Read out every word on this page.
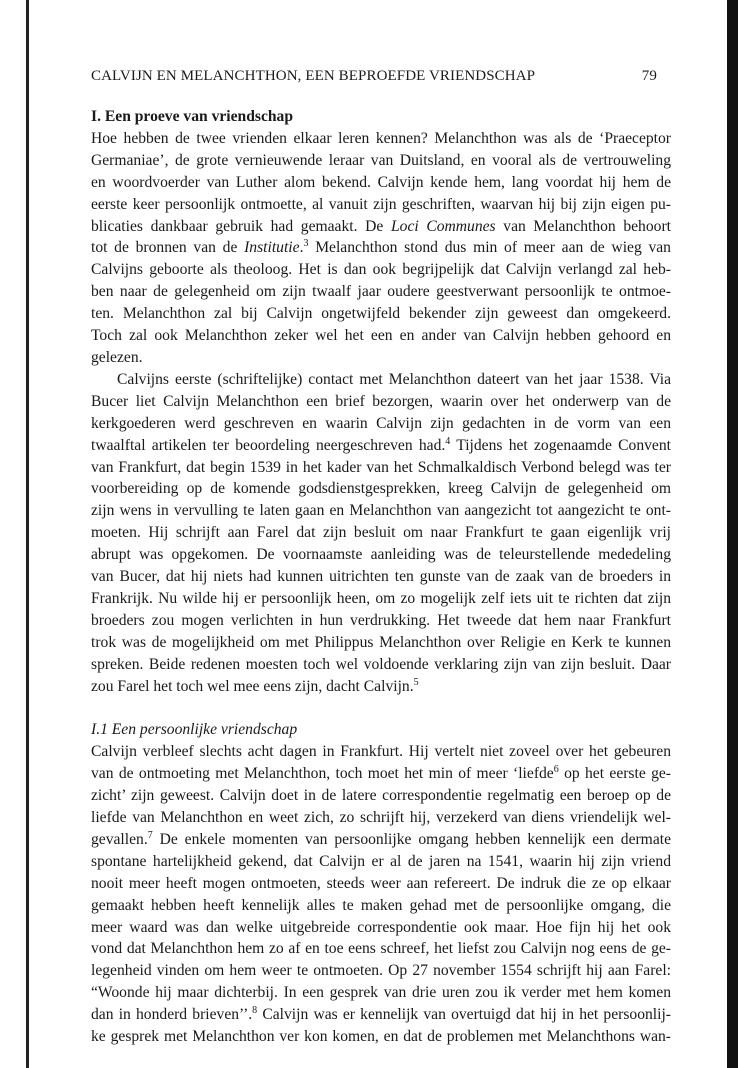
CALVIJN EN MELANCHTHON, EEN BEPROEFDE VRIENDSCHAP	79
I. Een proeve van vriendschap
Hoe hebben de twee vrienden elkaar leren kennen? Melanchthon was als de ‘Praeceptor
Germaniae’, de grote vernieuwende leraar van Duitsland, en vooral als de vertrouweling
en woordvoerder van Luther alom bekend. Calvijn kende hem, lang voordat hij hem de
eerste keer persoonlijk ontmoette, al vanuit zijn geschriften, waarvan hij bij zijn eigen pu-
blicaties dankbaar gebruik had gemaakt. De Loci Communes van Melanchthon behoort
tot de bronnen van de Institutie.$^3$ Melanchthon stond dus min of meer aan de wieg van
Calvijns geboorte als theoloog. Het is dan ook begrijpelijk dat Calvijn verlangd zal heb-
ben naar de gelegenheid om zijn twaalf jaar oudere geestverwant persoonlijk te ontmoe-
ten. Melanchthon zal bij Calvijn ongetwijfeld bekender zijn geweest dan omgekeerd.
Toch zal ook Melanchthon zeker wel het een en ander van Calvijn hebben gehoord en
gelezen.
Calvijns eerste (schriftelijke) contact met Melanchthon dateert van het jaar 1538. Via
Bucer liet Calvijn Melanchthon een brief bezorgen, waarin over het onderwerp van de
kerkgoederen werd geschreven en waarin Calvijn zijn gedachten in de vorm van een
twaalftal artikelen ter beoordeling neergeschreven had.$^4$ Tijdens het zogenaamde Convent
van Frankfurt, dat begin 1539 in het kader van het Schmalkaldisch Verbond belegd was ter
voorbereiding op de komende godsdienstgesprekken, kreeg Calvijn de gelegenheid om
zijn wens in vervulling te laten gaan en Melanchthon van aangezicht tot aangezicht te ont-
moeten. Hij schrijft aan Farel dat zijn besluit om naar Frankfurt te gaan eigenlijk vrij
abrupt was opgekomen. De voornaamste aanleiding was de teleurstellende mededeling
van Bucer, dat hij niets had kunnen uitrichten ten gunste van de zaak van de broeders in
Frankrijk. Nu wilde hij er persoonlijk heen, om zo mogelijk zelf iets uit te richten dat zijn
broeders zou mogen verlichten in hun verdrukking. Het tweede dat hem naar Frankfurt
trok was de mogelijkheid om met Philippus Melanchthon over Religie en Kerk te kunnen
spreken. Beide redenen moesten toch wel voldoende verklaring zijn van zijn besluit. Daar
zou Farel het toch wel mee eens zijn, dacht Calvijn.$^5$
I.1 Een persoonlijke vriendschap
Calvijn verbleef slechts acht dagen in Frankfurt. Hij vertelt niet zoveel over het gebeuren
van de ontmoeting met Melanchthon, toch moet het min of meer ‘liefde$^6$ op het eerste ge-
zicht’ zijn geweest. Calvijn doet in de latere correspondentie regelmatig een beroep op de
liefde van Melanchthon en weet zich, zo schrijft hij, verzekerd van diens vriendelijk wel-
gevallen.$^7$ De enkele momenten van persoonlijke omgang hebben kennelijk een dermate
spontane hartelijkheid gekend, dat Calvijn er al de jaren na 1541, waarin hij zijn vriend
nooit meer heeft mogen ontmoeten, steeds weer aan refereert. De indruk die ze op elkaar
gemaakt hebben heeft kennelijk alles te maken gehad met de persoonlijke omgang, die
meer waard was dan welke uitgebreide correspondentie ook maar. Hoe fijn hij het ook
vond dat Melanchthon hem zo af en toe eens schreef, het liefst zou Calvijn nog eens de ge-
legenheid vinden om hem weer te ontmoeten. Op 27 november 1554 schrijft hij aan Farel:
“Woonde hij maar dichterbij. In een gesprek van drie uren zou ik verder met hem komen
dan in honderd brieven’’.$^8$ Calvijn was er kennelijk van overtuigd dat hij in het persoonlij-
ke gesprek met Melanchthon ver kon komen, en dat de problemen met Melanchthons wan-
